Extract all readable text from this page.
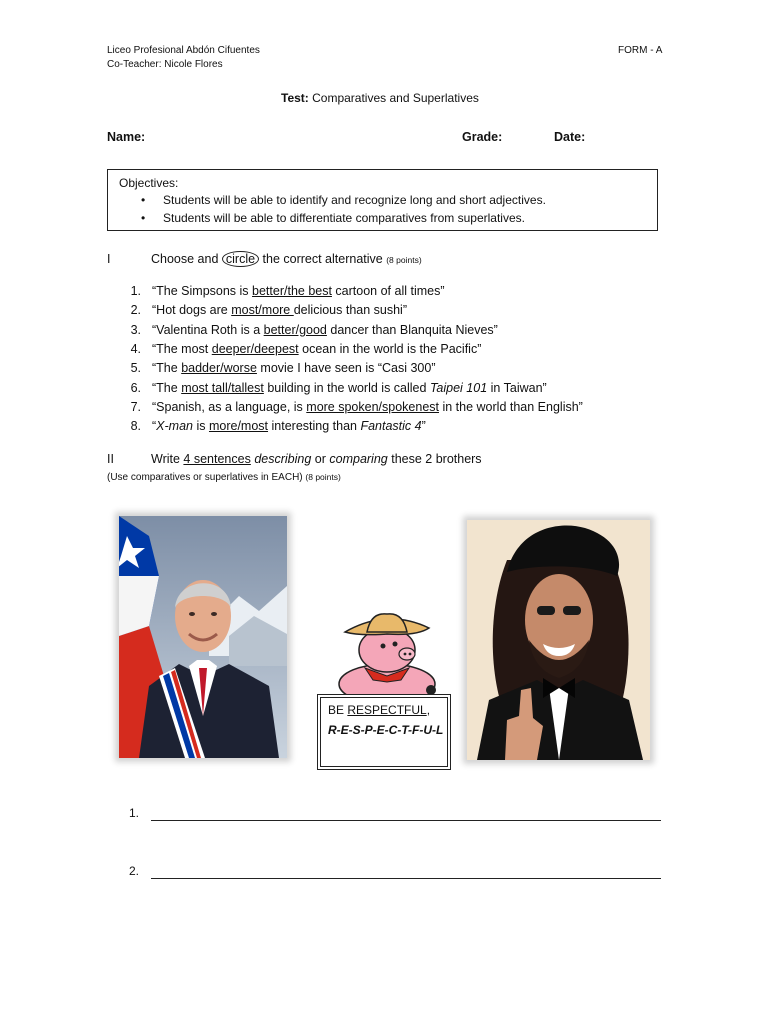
Liceo Profesional Abdón Cifuentes
Co-Teacher: Nicole Flores
FORM - A
Test: Comparatives and Superlatives
Name:	Grade:	Date:
Objectives:
• Students will be able to identify and recognize long and short adjectives.
• Students will be able to differentiate comparatives from superlatives.
I	Choose and circle the correct alternative (8 points)
1. “The Simpsons is better/the best cartoon of all times”
2. “Hot dogs are most/more delicious than sushi”
3. “Valentina Roth is a better/good dancer than Blanquita Nieves”
4. “The most deeper/deepest ocean in the world is the Pacific”
5. “The badder/worse movie I have seen is “Casi 300”
6. “The most tall/tallest building in the world is called Taipei 101 in Taiwan”
7. “Spanish, as a language, is more spoken/spokenest in the world than English”
8. “X-man is more/most interesting than Fantastic 4”
II	Write 4 sentences describing or comparing these 2 brothers
(Use comparatives or superlatives in EACH) (8 points)
BE RESPECTFUL,
R-E-S-P-E-C-T-F-U-L
1.
2.
